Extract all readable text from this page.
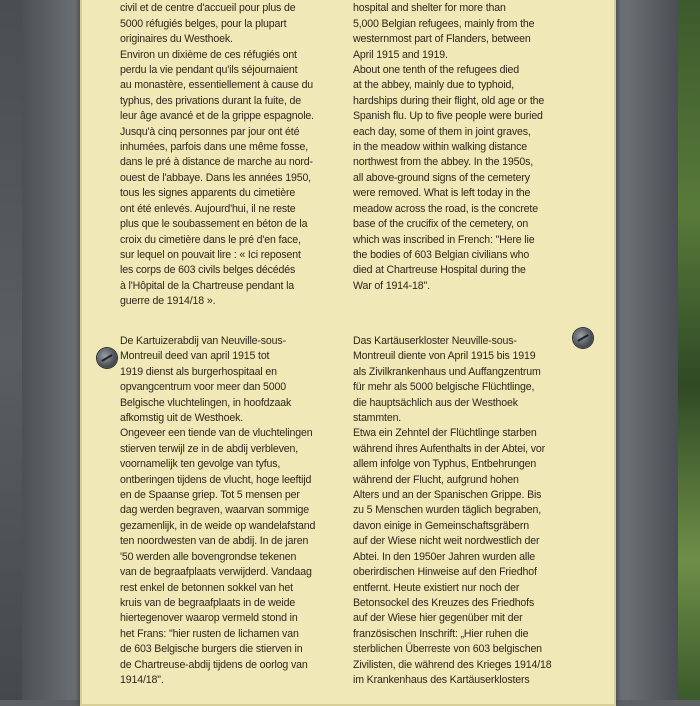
civil et de centre d'accueil pour plus de

5000 réfugiés belges, pour la plupart

originaires du Westhoek.

Environ un dixième de ces réfugiés ont

perdu la vie pendant qu'ils séjournaient

au monastère, essentiellement à cause du

typhus, des privations durant la fuite, de

leur âge avancé et de la grippe espagnole.

Jusqu'à cinq personnes par jour ont été

inhumées, parfois dans une même fosse,

dans le pré à distance de marche au nord-

ouest de l'abbaye. Dans les années 1950,

tous les signes apparents du cimetière

ont été enlevés. Aujourd'hui, il ne reste

plus que le soubassement en béton de la

croix du cimetière dans le pré d'en face,

sur lequel on pouvait lire : « Ici reposent

les corps de 603 civils belges décédés

à l'Hôpital de la Chartreuse pendant la

guerre de 1914/18 ».

hospital and shelter for more than

5,000 Belgian refugees, mainly from the

westernmost part of Flanders, between

April 1915 and 1919.

About one tenth of the refugees died

at the abbey, mainly due to typhoid,

hardships during their flight, old age or the

Spanish flu. Up to five people were buried

each day, some of them in joint graves,

in the meadow within walking distance

northwest from the abbey. In the 1950s,

all above-ground signs of the cemetery

were removed. What is left today in the

meadow across the road, is the concrete

base of the crucifix of the cemetery, on

which was inscribed in French: "Here lie

the bodies of 603 Belgian civilians who

died at Chartreuse Hospital during the

War of 1914-18".

De Kartuizerabdij van Neuville-sous-

Montreuil deed van april 1915 tot

1919 dienst als burgerhospitaal en

opvangcentrum voor meer dan 5000

Belgische vluchtelingen, in hoofdzaak

afkomstig uit de Westhoek.

Ongeveer een tiende van de vluchtelingen

stierven terwijl ze in de abdij verbleven,

voornamelijk ten gevolge van tyfus,

ontberingen tijdens de vlucht, hoge leeftijd

en de Spaanse griep. Tot 5 mensen per

dag werden begraven, waarvan sommige

gezamenlijk, in de weide op wandelafstand

ten noordwesten van de abdij. In de jaren

'50 werden alle bovengrondse tekenen

van de begraafplaats verwijderd. Vandaag

rest enkel de betonnen sokkel van het

kruis van de begraafplaats in de weide

hiertegenover waarop vermeld stond in

het Frans: "hier rusten de lichamen van

de 603 Belgische burgers die stierven in

de Chartreuse-abdij tijdens de oorlog van

1914/18".

Das Kartäuserkloster Neuville-sous-

Montreuil diente von April 1915 bis 1919

als Zivilkrankenhaus und Auffangzentrum

für mehr als 5000 belgische Flüchtlinge,

die hauptsächlich aus der Westhoek

stammten.

Etwa ein Zehntel der Flüchtlinge starben

während ihres Aufenthalts in der Abtei, vor

allem infolge von Typhus, Entbehrungen

während der Flucht, aufgrund hohen

Alters und an der Spanischen Grippe. Bis

zu 5 Menschen wurden täglich begraben,

davon einige in Gemeinschaftsgräbern

auf der Wiese nicht weit nordwestlich der

Abtei. In den 1950er Jahren wurden alle

oberirdischen Hinweise auf den Friedhof

entfernt. Heute existiert nur noch der

Betonsockel des Kreuzes des Friedhofs

auf der Wiese hier gegenüber mit der

französischen Inschrift: „Hier ruhen die

sterblichen Überreste von 603 belgischen

Zivilisten, die während des Krieges 1914/18

im Krankenhaus des Kartäuserklosters
